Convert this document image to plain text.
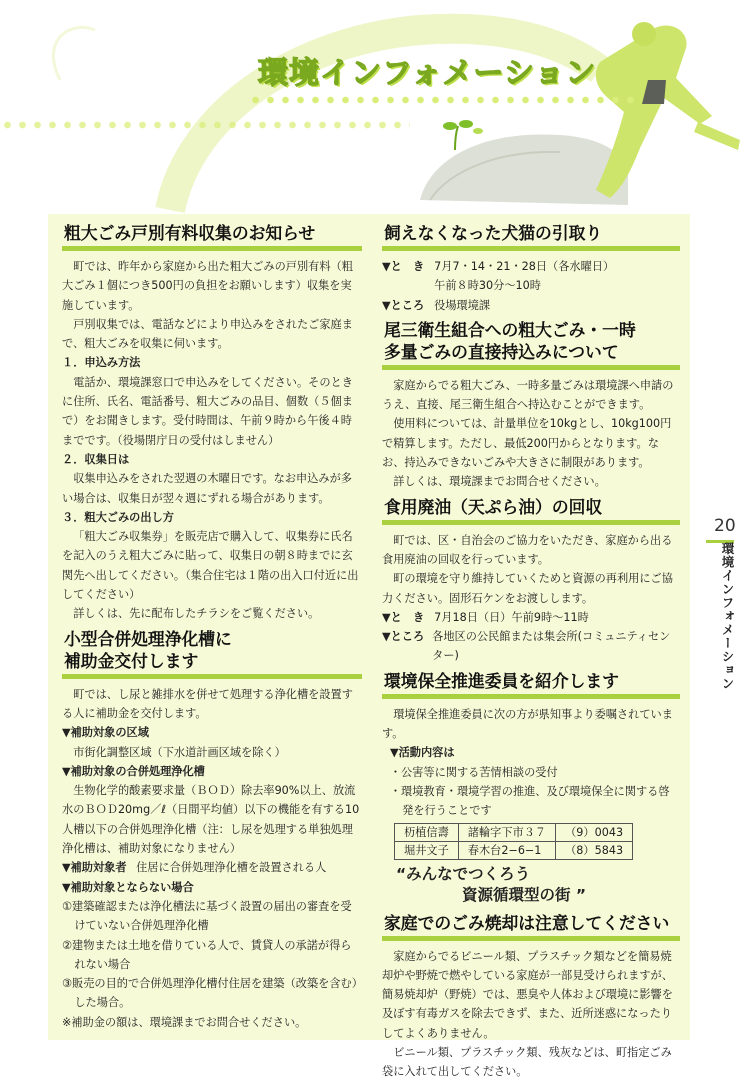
環境インフォメーション
粗大ごみ戸別有料収集のお知らせ

町では、昨年から家庭から出た粗大ごみの戸別有料（粗大ごみ１個につき500円の負担をお願いします）収集を実施しています。

戸別収集では、電話などにより申込みをされたご家庭まで、粗大ごみを収集に伺います。

１．申込み方法

電話か、環境課窓口で申込みをしてください。そのときに住所、氏名、電話番号、粗大ごみの品目、個数（５個まで）をお聞きします。受付時間は、午前９時から午後４時までです。（役場閉庁日の受付はしません）

２．収集日は

収集申込みをされた翌週の木曜日です。なお申込みが多い場合は、収集日が翌々週にずれる場合があります。

３．粗大ごみの出し方

「粗大ごみ収集券」を販売店で購入して、収集券に氏名を記入のうえ粗大ごみに貼って、収集日の朝８時までに玄関先へ出してください。（集合住宅は１階の出入口付近に出してください）

詳しくは、先に配布したチラシをご覧ください。

小型合併処理浄化槽に
補助金交付します

町では、し尿と雑排水を併せて処理する浄化槽を設置する人に補助金を交付します。

▼補助対象の区域

市街化調整区域（下水道計画区域を除く）

▼補助対象の合併処理浄化槽

生物化学的酸素要求量（ＢＯＤ）除去率90%以上、放流水のＢＯＤ20mg／ℓ（日間平均値）以下の機能を有する10人槽以下の合併処理浄化槽（注：し尿を処理する単独処理浄化槽は、補助対象になりません）

▼補助対象者 住居に合併処理浄化槽を設置される人

▼補助対象とならない場合

①建築確認または浄化槽法に基づく設置の届出の審査を受けていない合併処理浄化槽

②建物または土地を借りている人で、賃貸人の承諾が得られない場合

③販売の目的で合併処理浄化槽付住居を建築（改築を含む）した場合。

※補助金の額は、環境課までお問合せください。

飼えなくなった犬猫の引取り
▼と　き 7月7・14・21・28日（各水曜日）
午前８時30分〜10時
▼ところ 役場環境課
尾三衛生組合への粗大ごみ・一時
多量ごみの直接持込みについて

家庭からでる粗大ごみ、一時多量ごみは環境課へ申請のうえ、直接、尾三衛生組合へ持込むことができます。

使用料については、計量単位を10kgとし、10kg100円で精算します。ただし、最低200円からとなります。なお、持込みできないごみや大きさに制限があります。

詳しくは、環境課までお問合せください。

食用廃油（天ぷら油）の回収

町では、区・自治会のご協力をいただき、家庭から出る食用廃油の回収を行っています。

町の環境を守り維持していくためと資源の再利用にご協力ください。固形石ケンをお渡しします。

▼と　き 7月18日（日）午前9時〜11時
▼ところ 各地区の公民館または集会所(コミュニティセンター)
環境保全推進委員を紹介します

環境保全推進委員に次の方が県知事より委嘱されています。

▼活動内容は

・公害等に関する苦情相談の受付

・環境教育・環境学習の推進、及び環境保全に関する啓発を行うことです

杤植信壽	諸輪字下市３７	（9）0043
堀井文子	春木台2−6−1	（8）5843
“みんなでつくろう
資源循環型の街 ”
家庭でのごみ焼却は注意してください

家庭からでるビニール類、プラスチック類などを簡易焼却炉や野焼で燃やしている家庭が一部見受けられますが、簡易焼却炉（野焼）では、悪臭や人体および環境に影響を及ぼす有毒ガスを除去できず、また、近所迷惑になったりしてよくありません。

ビニール類、プラスチック類、残灰などは、町指定ごみ袋に入れて出してください。

20
環境インフォメーション
